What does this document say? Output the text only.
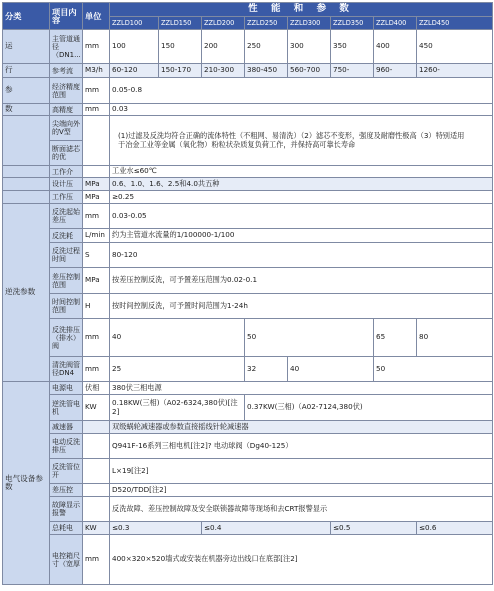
分类	项目内容	单位	性 能 和 参 数							
			ZZLD100	ZZLD150	ZZLD200	ZZLD250	ZZLD300	ZZLD350	ZZLD400	ZZLD450
运	主管道通径（DN1...	mm	100	150	200	250	300	350	400	450
行	参考流	M3/h	60-120	150-170	210-300	380-450	560-700	750-	960-	1260-
参	经济精度范围	mm	0.05-0.8							
数	高精度	mm	0.03							
	尖端向外的V型		(1)过滤及反洗均符合正确的流体特性（不粗网、易清洗）（2）滤芯不变形，强度及耐磨性极高（3）特别适用于冶金工业等金属（氧化物）粉粒状杂质复负荷工作，并保持高可靠长寿命							
	断面滤芯的优									
	工作介		工业水≤60℃							
	设计压	MPa	0.6、1.0、1.6、2.5和4.0共五种							
	工作压	MPa	≥0.25							
逆洗参数	反洗起始差压	mm	0.03-0.05							
	反洗耗	L/min	约为主管道水流量的1/100000-1/100							
	反洗过程时间	S	80-120							
	差压控制范围	MPa	按差压控制反洗，可予置差压范围为0.02-0.1							
	时间控制范围	H	按时间控制反洗，可予置时间范围为1-24h							
	反洗排压（排水）阀	mm	40			50			65	80
	清洗阀管径DN4	mm	25			32	40		50	
电气设备参数	电源电	伏相	380伏三相电源							
	逆洗管电机	KW	0.18KW(三相)（A02-6324,380伏)[注2]			0.37KW(三相)（A02-7124,380伏)				
	减速器		双级蜗轮减速器或参数直接摇线针轮减速器							
	电动反洗排压		Q941F-16系列三相电机[注2]? 电动球阀（Dg40-125）							
	反洗管位开		L×19[注2]							
	差压控		D520/TDD[注2]							
	故障显示报警		反洗故障、差压控制故障及安全联锁器故障等现场和去CRT报警显示							
	总耗电	KW	≤0.3		≤0.4			≤0.5		≤0.6
	电控箱尺寸（宽厚	mm	400×320×520墙式或安装在机器旁边出线口在底部[注2]							
